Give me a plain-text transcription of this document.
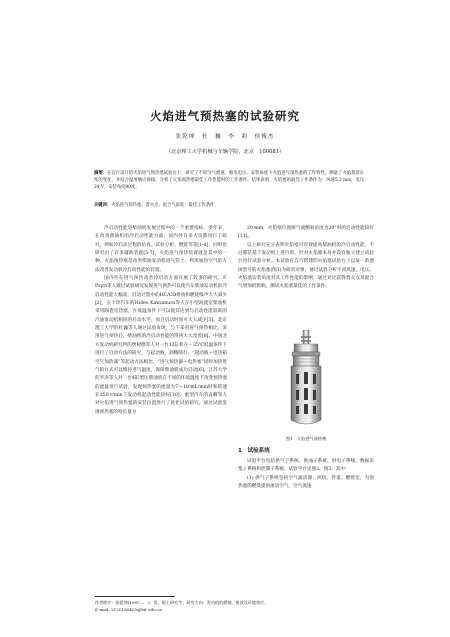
火焰进气预热塞的试验研究
张乾坤　杜　巍　李　莉　侯俊杰
（北京理工大学机械与车辆学院，北京　100081）
摘要：在自行设计的火焰进气预热塞试验台上，研究了不同空气流速、缩电电压、安装角度下火焰进气预热塞的工作特性，测量了火焰蔓延长度的变化，并结合温度响应曲线，分析了火焰预热塞最佳工作性能时的工作条件。结果表明，火焰塞的最佳工作条件为：风速5.2 m/s，电压24 V，安装角度90度。
关键词：火焰进气预热塞；着火点；混合气浓度；最佳工作条件

冷启动性能是柴油机发展过程中的一个重要指标，多年来，在改善柴油机的冷启动性能方面，国内外许多人员都进行了研究，例如冷启动过程的仿真、试验分析、燃烧等等[1-4]，同时也研究出了许多辅助装置[5-7]，火焰进气预热装置就是其中的一种。火焰预热塞是改善柴油发动机进气管上，利用加热空气的方法改善发动机冷启动性能的装置。

国内外在进气预热改善冷启动方面开展了较多的研究，F. Payri等人通过试验研究发现进气预热可以使汽车柴油发动机的冷启动性能大幅高，启动过程中的HC/CO排放和燃烧噪声大大减少[2]，五十铃汽车的Hideo Kawamura等人在小型涡流室柴油机采用陶瓷电热塞，在低温条件下可以使其达到与启动性能较高的汽油发动机相同的启动水平，而且启动时间可大大减少[3]。北京理工大学的杜巍等人通过试验发现，与不采用进气预热相比，采用进气预热后，柴油机的冷启动性能的得到大大改善[8]。中国北方发动机研究所的贾树德等人对一台12缸机在－35℃低温条件下进行了启动方法的研究，与起动液、酒精喷灯、“超动液＋电热箱空气加热器”等起动方法相比，“进气预热器＋电热塞”同时加热进气的方式可以维持进气温度，保障柴油机成功启动[6]。江苏大学的罗涛等人对一台4缸增压柴油机在不同的环境温度下改变预热塞的流量进行试验，发现预热塞的流量为7～10 mL/min时和转速在250 r/min下发动机起动性能较好[10]。重型汽车的袁卿等人对火焰进气预热塞的安装位置进行了优化试验研究，通过试验发现预热塞的特长量为

20 mm，火焰塞位置喷气流侧斜角度为20°时的启动性能较好[11]。

以上研究充分表明火焰塞可有效提高柴油机的冷启动性能，不过都是基于发动机上进行的，针对火焰塞本身并没有独立建立试验台进行试验分析。本试验在自行搭建的火焰塞试验台上以某一款德国型号的火焰塞(图1)为研究对象，通过试验分析不同风速、电压、火焰塞安装角度对其工作性能的影响，通过对比获得着火点及混合气增加的影响，测试火焰塞最佳的工作条件。

图1　火焰进气预热塞
1　试验系统

试验平台包括供气子系统、供油子系统、供电子系统、数据采集子系统和控制子系统，试验平台见图2、图3。其中：

(1) 供气子系统包括空气滤清器、风机、管道、燃烧室，为预热塞的燃烧提供流动空气，空气流速

作者简介：张乾坤(1997—　)，男，硕士研究生；研究方向：发动机的燃烧、排放及环境效应。
E-mail: 2120180405@bit.edu.cn
